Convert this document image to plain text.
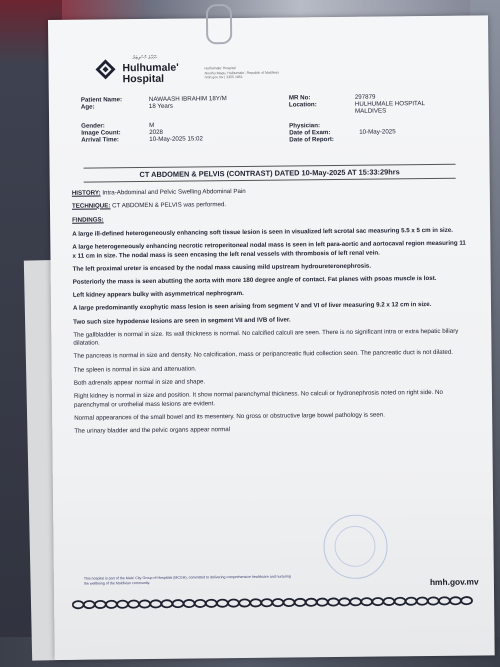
ހުޅުމާލެ ހޮސްޕިޓަލް
Hulhumale'
Hospital
Hulhumale' Hospital
Nirolhu Magu, Hulhumale', Republic of Maldives
hmh.gov.mv | 3355 1851
Patient Name:	NAWAASH IBRAHIM 18Y/M
Age:	18 Years
Gender:	M
Image Count:	2028
Arrival Time:	10-May-2025 15:02
MR No:	297879
Location:	HULHUMALE HOSPITAL
MALDIVES
Physician:
Date of Exam:	10-May-2025
Date of Report:
CT ABDOMEN & PELVIS (CONTRAST) DATED 10-May-2025 AT 15:33:29hrs

HISTORY: Intra-Abdominal and Pelvic Swelling Abdominal Pain

TECHNIQUE: CT ABDOMEN & PELVIS was performed.

FINDINGS:

A large ill-defined heterogeneously enhancing soft tissue lesion is seen in visualized left scrotal sac measuring 5.5 x 5 cm in size.

A large heterogeneously enhancing necrotic retroperitoneal nodal mass is seen in left para-aortic and aortocaval region measuring 11 x 11 cm in size. The nodal mass is seen encasing the left renal vessels with thrombosis of left renal vein.

The left proximal ureter is encased by the nodal mass causing mild upstream hydroureteronephrosis.

Posteriorly the mass is seen abutting the aorta with more 180 degree angle of contact. Fat planes with psoas muscle is lost.

Left kidney appears bulky with asymmetrical nephrogram.

A large predominantly exophytic mass lesion is seen arising from segment V and VI of liver measuring 9.2 x 12 cm in size.

Two such size hypodense lesions are seen in segment VII and IVB of liver.

The gallbladder is normal in size. Its wall thickness is normal. No calcified calculi are seen. There is no significant intra or extra hepatic biliary dilatation.

The pancreas is normal in size and density. No calcification, mass or peripancreatic fluid collection seen. The pancreatic duct is not dilated.

The spleen is normal in size and attenuation.

Both adrenals appear normal in size and shape.

Right kidney is normal in size and position. It show normal parenchymal thickness. No calculi or hydronephrosis noted on right side. No parenchymal or urothelial mass lesions are evident.

Normal appearances of the small bowel and its mesentery. No gross or obstructive large bowel pathology is seen.

The urinary bladder and the pelvic organs appear normal

This hospital is part of the Male' City Group of Hospitals (MCGH), committed to delivering comprehensive healthcare and nurturing the wellbeing of the Maldivian community.	hmh.gov.mv
